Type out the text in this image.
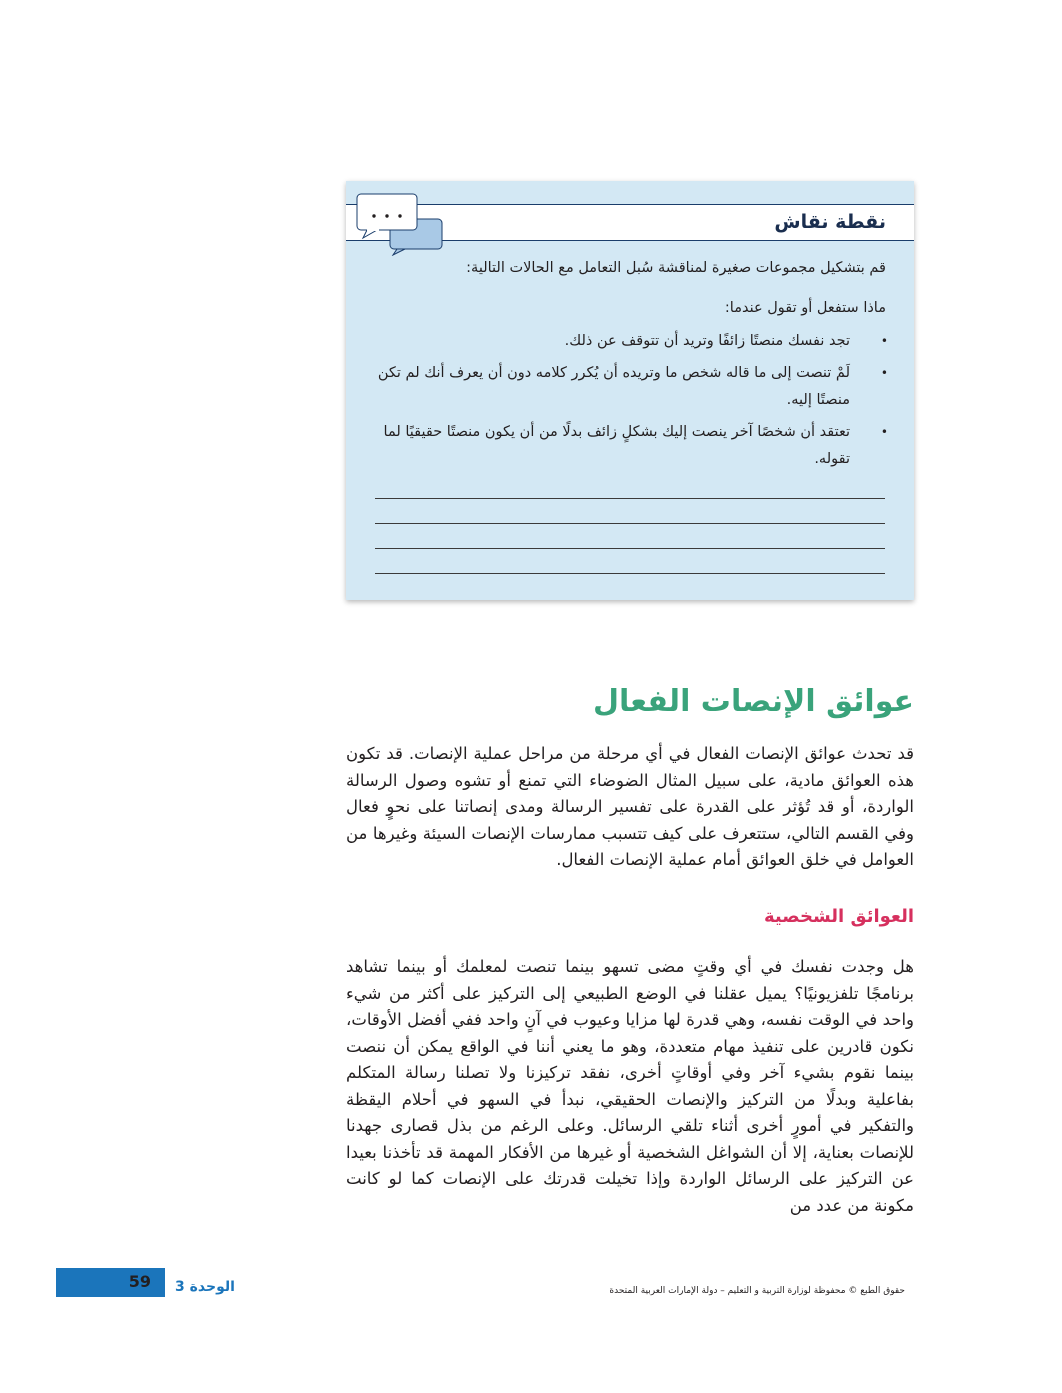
نقطة نقاش

قم بتشكيل مجموعات صغيرة لمناقشة سُبل التعامل مع الحالات التالية:

ماذا ستفعل أو تقول عندما:

• تجد نفسك منصتًا زائفًا وتريد أن تتوقف عن ذلك.
• لَمْ تنصت إلى ما قاله شخص ما وتريده أن يُكرر كلامه دون أن يعرف أنك لم تكن منصتًا إليه.
• تعتقد أن شخصًا آخر ينصت إليك بشكلٍ زائف بدلًا من أن يكون منصتًا حقيقيًا لما تقوله.
عوائق الإنصات الفعال

قد تحدث عوائق الإنصات الفعال في أي مرحلة من مراحل عملية الإنصات. قد تكون هذه العوائق مادية، على سبيل المثال الضوضاء التي تمنع أو تشوه وصول الرسالة الواردة، أو قد تُؤثر على القدرة على تفسير الرسالة ومدى إنصاتنا على نحوٍ فعال وفي القسم التالي، ستتعرف على كيف تتسبب ممارسات الإنصات السيئة وغيرها من العوامل في خلق العوائق أمام عملية الإنصات الفعال.

العوائق الشخصية

هل وجدت نفسك في أي وقتٍ مضى تسهو بينما تنصت لمعلمك أو بينما تشاهد برنامجًا تلفزيونيًا؟ يميل عقلنا في الوضع الطبيعي إلى التركيز على أكثر من شيء واحد في الوقت نفسه، وهي قدرة لها مزايا وعيوب في آنٍ واحد ففي أفضل الأوقات، نكون قادرين على تنفيذ مهام متعددة، وهو ما يعني أننا في الواقع يمكن أن ننصت بينما نقوم بشيء آخر وفي أوقاتٍ أخرى، نفقد تركيزنا ولا تصلنا رسالة المتكلم بفاعلية وبدلًا من التركيز والإنصات الحقيقي، نبدأ في السهو في أحلام اليقظة والتفكير في أمورٍ أخرى أثناء تلقي الرسائل. وعلى الرغم من بذل قصارى جهدنا للإنصات بعناية، إلا أن الشواغل الشخصية أو غيرها من الأفكار المهمة قد تأخذنا بعيدا عن التركيز على الرسائل الواردة وإذا تخيلت قدرتك على الإنصات كما لو كانت مكونة من عدد من

حقوق الطبع © محفوظة لوزارة التربية و التعليم – دولة الإمارات العربية المتحدة
الوحدة 3
59
